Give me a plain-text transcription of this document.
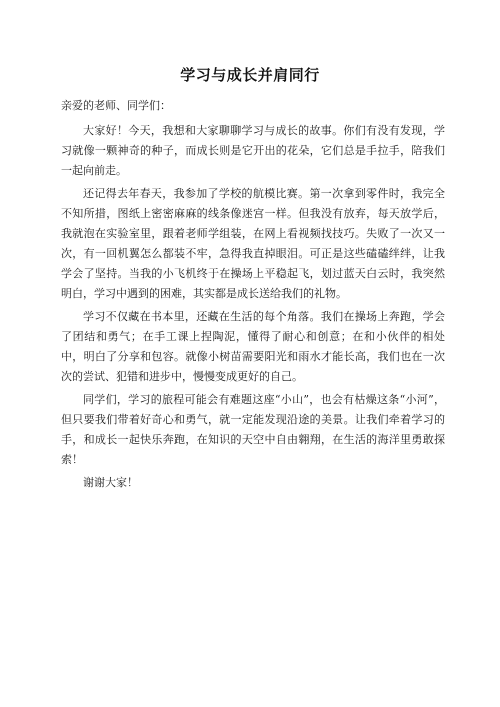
学习与成长并肩同行

亲爱的老师、同学们：

大家好！今天，我想和大家聊聊学习与成长的故事。你们有没有发现，学习就像一颗神奇的种子，而成长则是它开出的花朵，它们总是手拉手，陪我们一起向前走。

还记得去年春天，我参加了学校的航模比赛。第一次拿到零件时，我完全不知所措，图纸上密密麻麻的线条像迷宫一样。但我没有放弃，每天放学后，我就泡在实验室里，跟着老师学组装，在网上看视频找技巧。失败了一次又一次，有一回机翼怎么都装不牢，急得我直掉眼泪。可正是这些磕磕绊绊，让我学会了坚持。当我的小飞机终于在操场上平稳起飞，划过蓝天白云时，我突然明白，学习中遇到的困难，其实都是成长送给我们的礼物。

学习不仅藏在书本里，还藏在生活的每个角落。我们在操场上奔跑，学会了团结和勇气；在手工课上捏陶泥，懂得了耐心和创意；在和小伙伴的相处中，明白了分享和包容。就像小树苗需要阳光和雨水才能长高，我们也在一次次的尝试、犯错和进步中，慢慢变成更好的自己。

同学们，学习的旅程可能会有难题这座“小山”，也会有枯燥这条“小河”，但只要我们带着好奇心和勇气，就一定能发现沿途的美景。让我们牵着学习的手，和成长一起快乐奔跑，在知识的天空中自由翱翔，在生活的海洋里勇敢探索！

谢谢大家！
